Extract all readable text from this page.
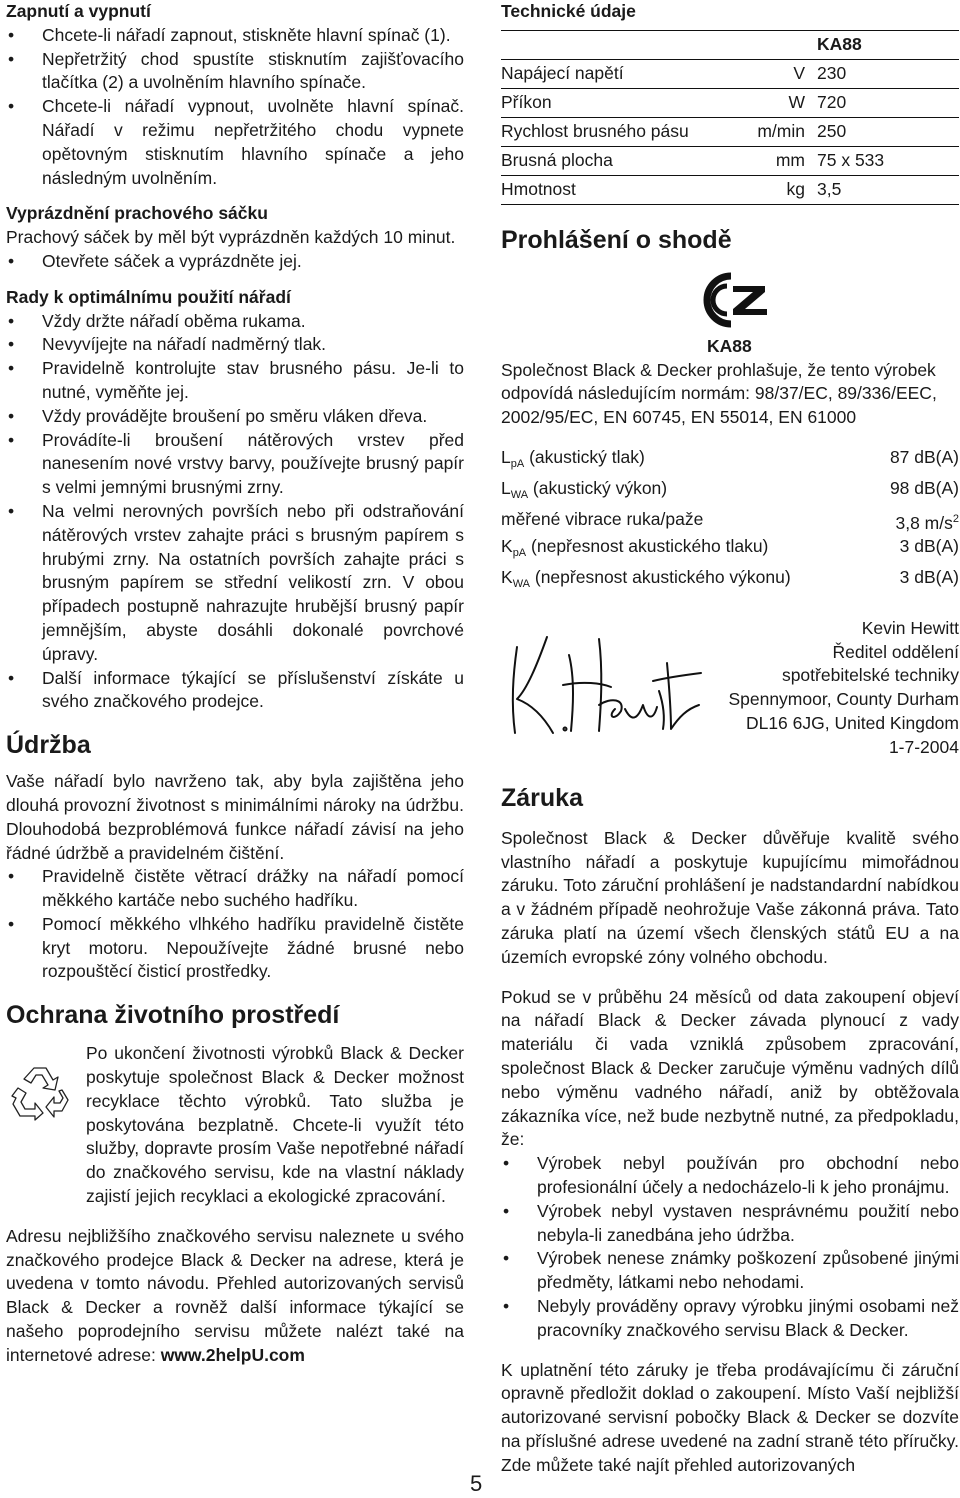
Zapnutí a vypnutí

• Chcete-li nářadí zapnout, stiskněte hlavní spínač (1).
• Nepřetržitý chod spustíte stisknutím zajišťovacího tlačítka (2) a uvolněním hlavního spínače.
• Chcete-li nářadí vypnout, uvolněte hlavní spínač. Nářadí v režimu nepřetržitého chodu vypnete opětovným stisknutím hlavního spínače a jeho následným uvolněním.

Vyprázdnění prachového sáčku

Prachový sáček by měl být vyprázdněn každých 10 minut.

• Otevřete sáček a vyprázdněte jej.

Rady k optimálnímu použití nářadí

• Vždy držte nářadí oběma rukama.
• Nevyvíjejte na nářadí nadměrný tlak.
• Pravidelně kontrolujte stav brusného pásu. Je-li to nutné, vyměňte jej.
• Vždy provádějte broušení po směru vláken dřeva.
• Provádíte-li broušení nátěrových vrstev před nanesením nové vrstvy barvy, používejte brusný papír s velmi jemnými brusnými zrny.
• Na velmi nerovných površích nebo při odstraňování nátěrových vrstev zahajte práci s brusným papírem s hrubými zrny. Na ostatních površích zahajte práci s brusným papírem se střední velikostí zrn. V obou případech postupně nahrazujte hrubější brusný papír jemnějším, abyste dosáhli dokonalé povrchové úpravy.
• Další informace týkající se příslušenství získáte u svého značkového prodejce.

Údržba

Vaše nářadí bylo navrženo tak, aby byla zajištěna jeho dlouhá provozní životnost s minimálními nároky na údržbu. Dlouhodobá bezproblémová funkce nářadí závisí na jeho řádné údržbě a pravidelném čištění.

• Pravidelně čistěte větrací drážky na nářadí pomocí měkkého kartáče nebo suchého hadříku.
• Pomocí měkkého vlhkého hadříku pravidelně čistěte kryt motoru. Nepoužívejte žádné brusné nebo rozpouštěcí čisticí prostředky.

Ochrana životního prostředí

Po ukončení životnosti výrobků Black & Decker poskytuje společnost Black & Decker možnost recyklace těchto výrobků. Tato služba je poskytována bezplatně. Chcete-li využít této služby, dopravte prosím Vaše nepotřebné nářadí do značkového servisu, kde na vlastní náklady zajistí jejich recyklaci a ekologické zpracování.

Adresu nejbližšího značkového servisu naleznete u svého značkového prodejce Black & Decker na adrese, která je uvedena v tomto návodu. Přehled autorizovaných servisů Black & Decker a rovněž další informace týkající se našeho poprodejního servisu můžete nalézt také na internetové adrese: www.2helpU.com

Technické údaje

KA88
Napájecí napětí	V 230
Příkon	W 720
Rychlost brusného pásu	m/min 250
Brusná plocha	mm 75 x 533
Hmotnost	kg 3,5

Prohlášení o shodě

KA88

Společnost Black & Decker prohlašuje, že tento výrobek odpovídá následujícím normám: 98/37/EC, 89/336/EEC, 2002/95/EC, EN 60745, EN 55014, EN 61000

$L_{pA}$ (akustický tlak)	87 dB(A)
$L_{WA}$ (akustický výkon)	98 dB(A)
měřené vibrace ruka/paže	3,8 $m/s^2$
$K_{pA}$ (nepřesnost akustického tlaku)	3 dB(A)
$K_{WA}$ (nepřesnost akustického výkonu)	3 dB(A)
Kevin Hewitt
Ředitel oddělení
spotřebitelské techniky
Spennymoor, County Durham
DL16 6JG, United Kingdom
1-7-2004

Záruka

Společnost Black & Decker důvěřuje kvalitě svého vlastního nářadí a poskytuje kupujícímu mimořádnou záruku. Toto záruční prohlášení je nadstandardní nabídkou a v žádném případě neohrožuje Vaše zákonná práva. Tato záruka platí na území všech členských států EU a na územích evropské zóny volného obchodu.

Pokud se v průběhu 24 měsíců od data zakoupení objeví na nářadí Black & Decker závada plynoucí z vady materiálu či vada vzniklá způsobem zpracování, společnost Black & Decker zaručuje výměnu vadných dílů nebo výměnu vadného nářadí, aniž by obtěžovala zákazníka více, než bude nezbytně nutné, za předpokladu, že:

• Výrobek nebyl používán pro obchodní nebo profesionální účely a nedocházelo-li k jeho pronájmu.
• Výrobek nebyl vystaven nesprávnému použití nebo nebyla-li zanedbána jeho údržba.
• Výrobek nenese známky poškození způsobené jinými předměty, látkami nebo nehodami.
• Nebyly prováděny opravy výrobku jinými osobami než pracovníky značkového servisu Black & Decker.

K uplatnění této záruky je třeba prodávajícímu či záruční opravně předložit doklad o zakoupení. Místo Vaší nejbližší autorizované servisní pobočky Black & Decker se dozvíte na příslušné adrese uvedené na zadní straně této příručky. Zde můžete také najít přehled autorizovaných

5
